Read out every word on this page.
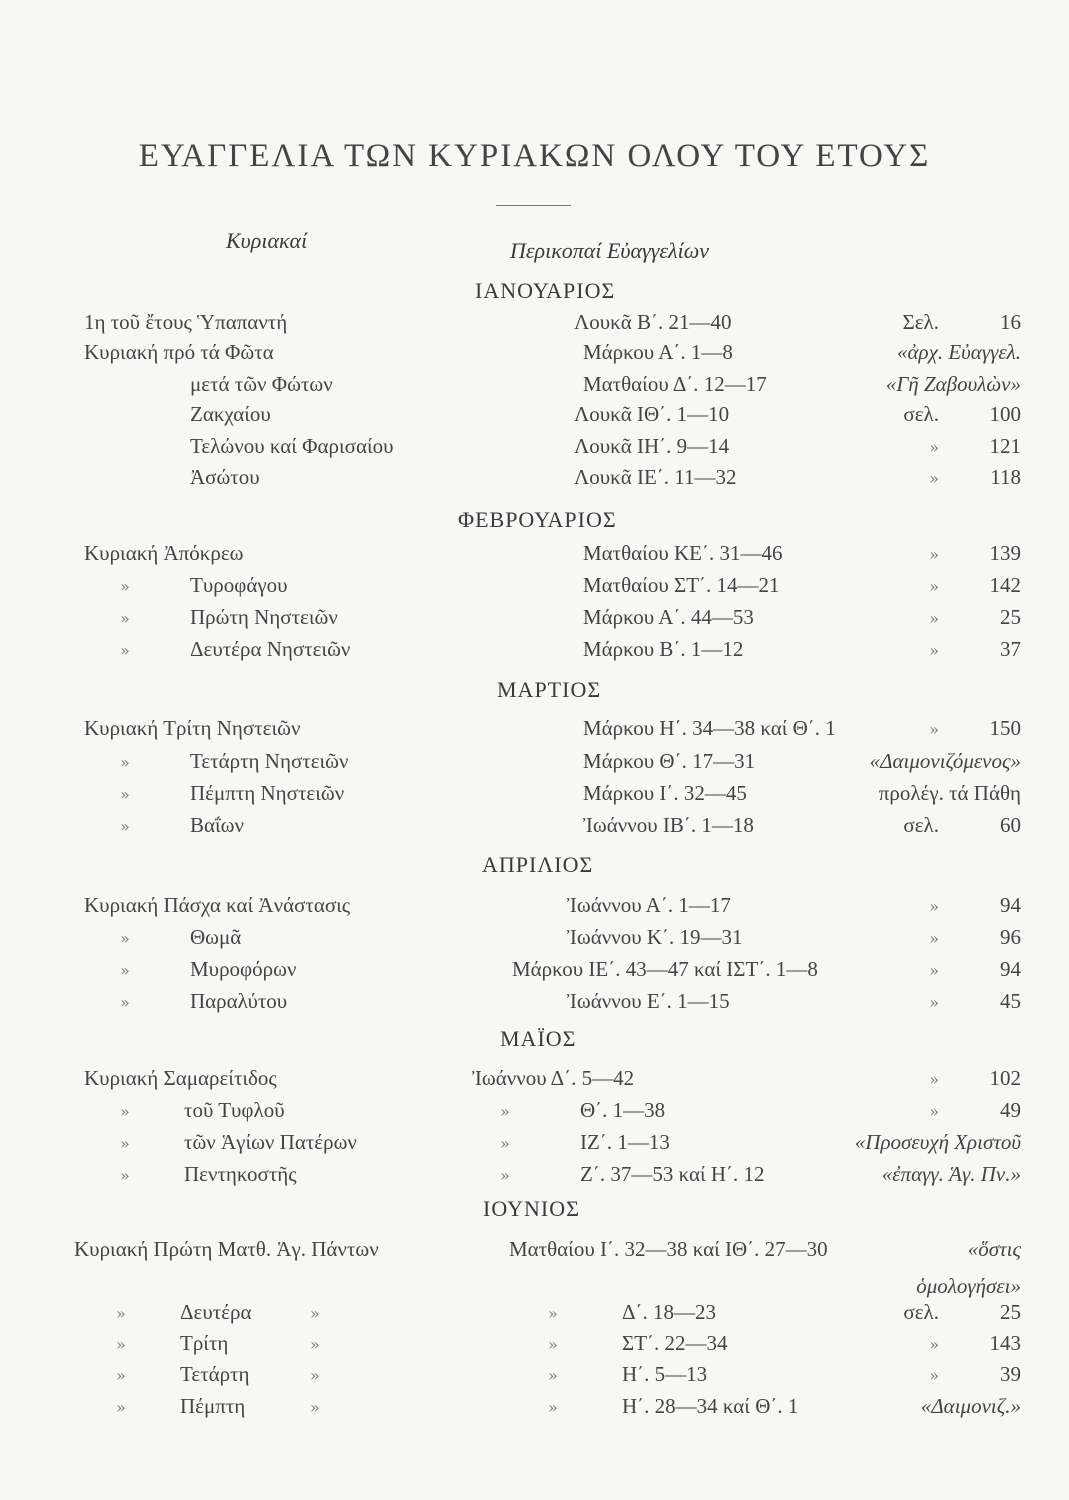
ΕΥΑΓΓΕΛΙΑ ΤΩΝ ΚΥΡΙΑΚΩΝ ΟΛΟΥ ΤΟΥ ΕΤΟΥΣ
Κυριακαί	Περικοπαί Εὐαγγελίων
ΙΑΝΟΥΑΡΙΟΣ
ΦΕΒΡΟΥΑΡΙΟΣ
ΜΑΡΤΙΟΣ
ΑΠΡΙΛΙΟΣ
ΜΑΪΟΣ
ΙΟΥΝΙΟΣ
1η τοῦ ἔτους Ὑπαπαντή	Λουκᾶ Β΄. 21—40	Σελ.	16
Κυριακή πρό τά Φῶτα	Μάρκου Α΄. 1—8	«ἀρχ. Εὐαγγελ.
μετά τῶν Φώτων	Ματθαίου Δ΄. 12—17	«Γῆ Ζαβουλὼν»
Ζακχαίου	Λουκᾶ ΙΘ΄. 1—10	σελ. 100
Τελώνου καί Φαρισαίου	Λουκᾶ ΙΗ΄. 9—14	» 121
Ἀσώτου	Λουκᾶ ΙΕ΄. 11—32	» 118
Κυριακή Ἀπόκρεω	Ματθαίου ΚΕ΄. 31—46	» 139
»	Τυροφάγου	Ματθαίου ΣΤ΄. 14—21	» 142
»	Πρώτη Νηστειῶν	Μάρκου Α΄. 44—53	»	25
»	Δευτέρα Νηστειῶν	Μάρκου Β΄. 1—12	»	37
Κυριακή Τρίτη Νηστειῶν	Μάρκου Η΄. 34—38 καί Θ΄. 1	» 150
»	Τετάρτη Νηστειῶν	Μάρκου Θ΄. 17—31	«Δαιμονιζόμενος»
»	Πέμπτη Νηστειῶν	Μάρκου Ι΄. 32—45	προλέγ. τά Πάθη
»	Βαΐων	Ἰωάννου ΙΒ΄. 1—18	σελ.	60
Κυριακή Πάσχα καί Ἀνάστασις	Ἰωάννου Α΄. 1—17	»	94
»	Θωμᾶ	Ἰωάννου Κ΄. 19—31	»	96
»	Μυροφόρων	Μάρκου ΙΕ΄. 43—47 καί ΙΣΤ΄. 1—8	»	94
»	Παραλύτου	Ἰωάννου Ε΄. 1—15	»	45
Κυριακή Σαμαρείτιδος	Ἰωάννου Δ΄. 5—42	» 102
»	τοῦ Τυφλοῦ	»	Θ΄. 1—38	»	49
»	τῶν Ἁγίων Πατέρων	»	ΙΖ΄. 1—13	«Προσευχή Χριστοῦ
»	Πεντηκοστῆς	»	Ζ΄. 37—53 καί Η΄. 12	«ἐπαγγ. Ἁγ. Πν.»
Κυριακή Πρώτη Ματθ. Ἁγ. Πάντων	Ματθαίου Ι΄. 32—38 καί ΙΘ΄. 27—30	«ὅστις
ὁμολογήσει»
»	Δευτέρα	»	»	Δ΄. 18—23	σελ.	25
»	Τρίτη	»	»	ΣΤ΄. 22—34	» 143
»	Τετάρτη	»	»	Η΄. 5—13	»	39
»	Πέμπτη	»	»	Η΄. 28—34 καί Θ΄. 1	«Δαιμονιζ.»
